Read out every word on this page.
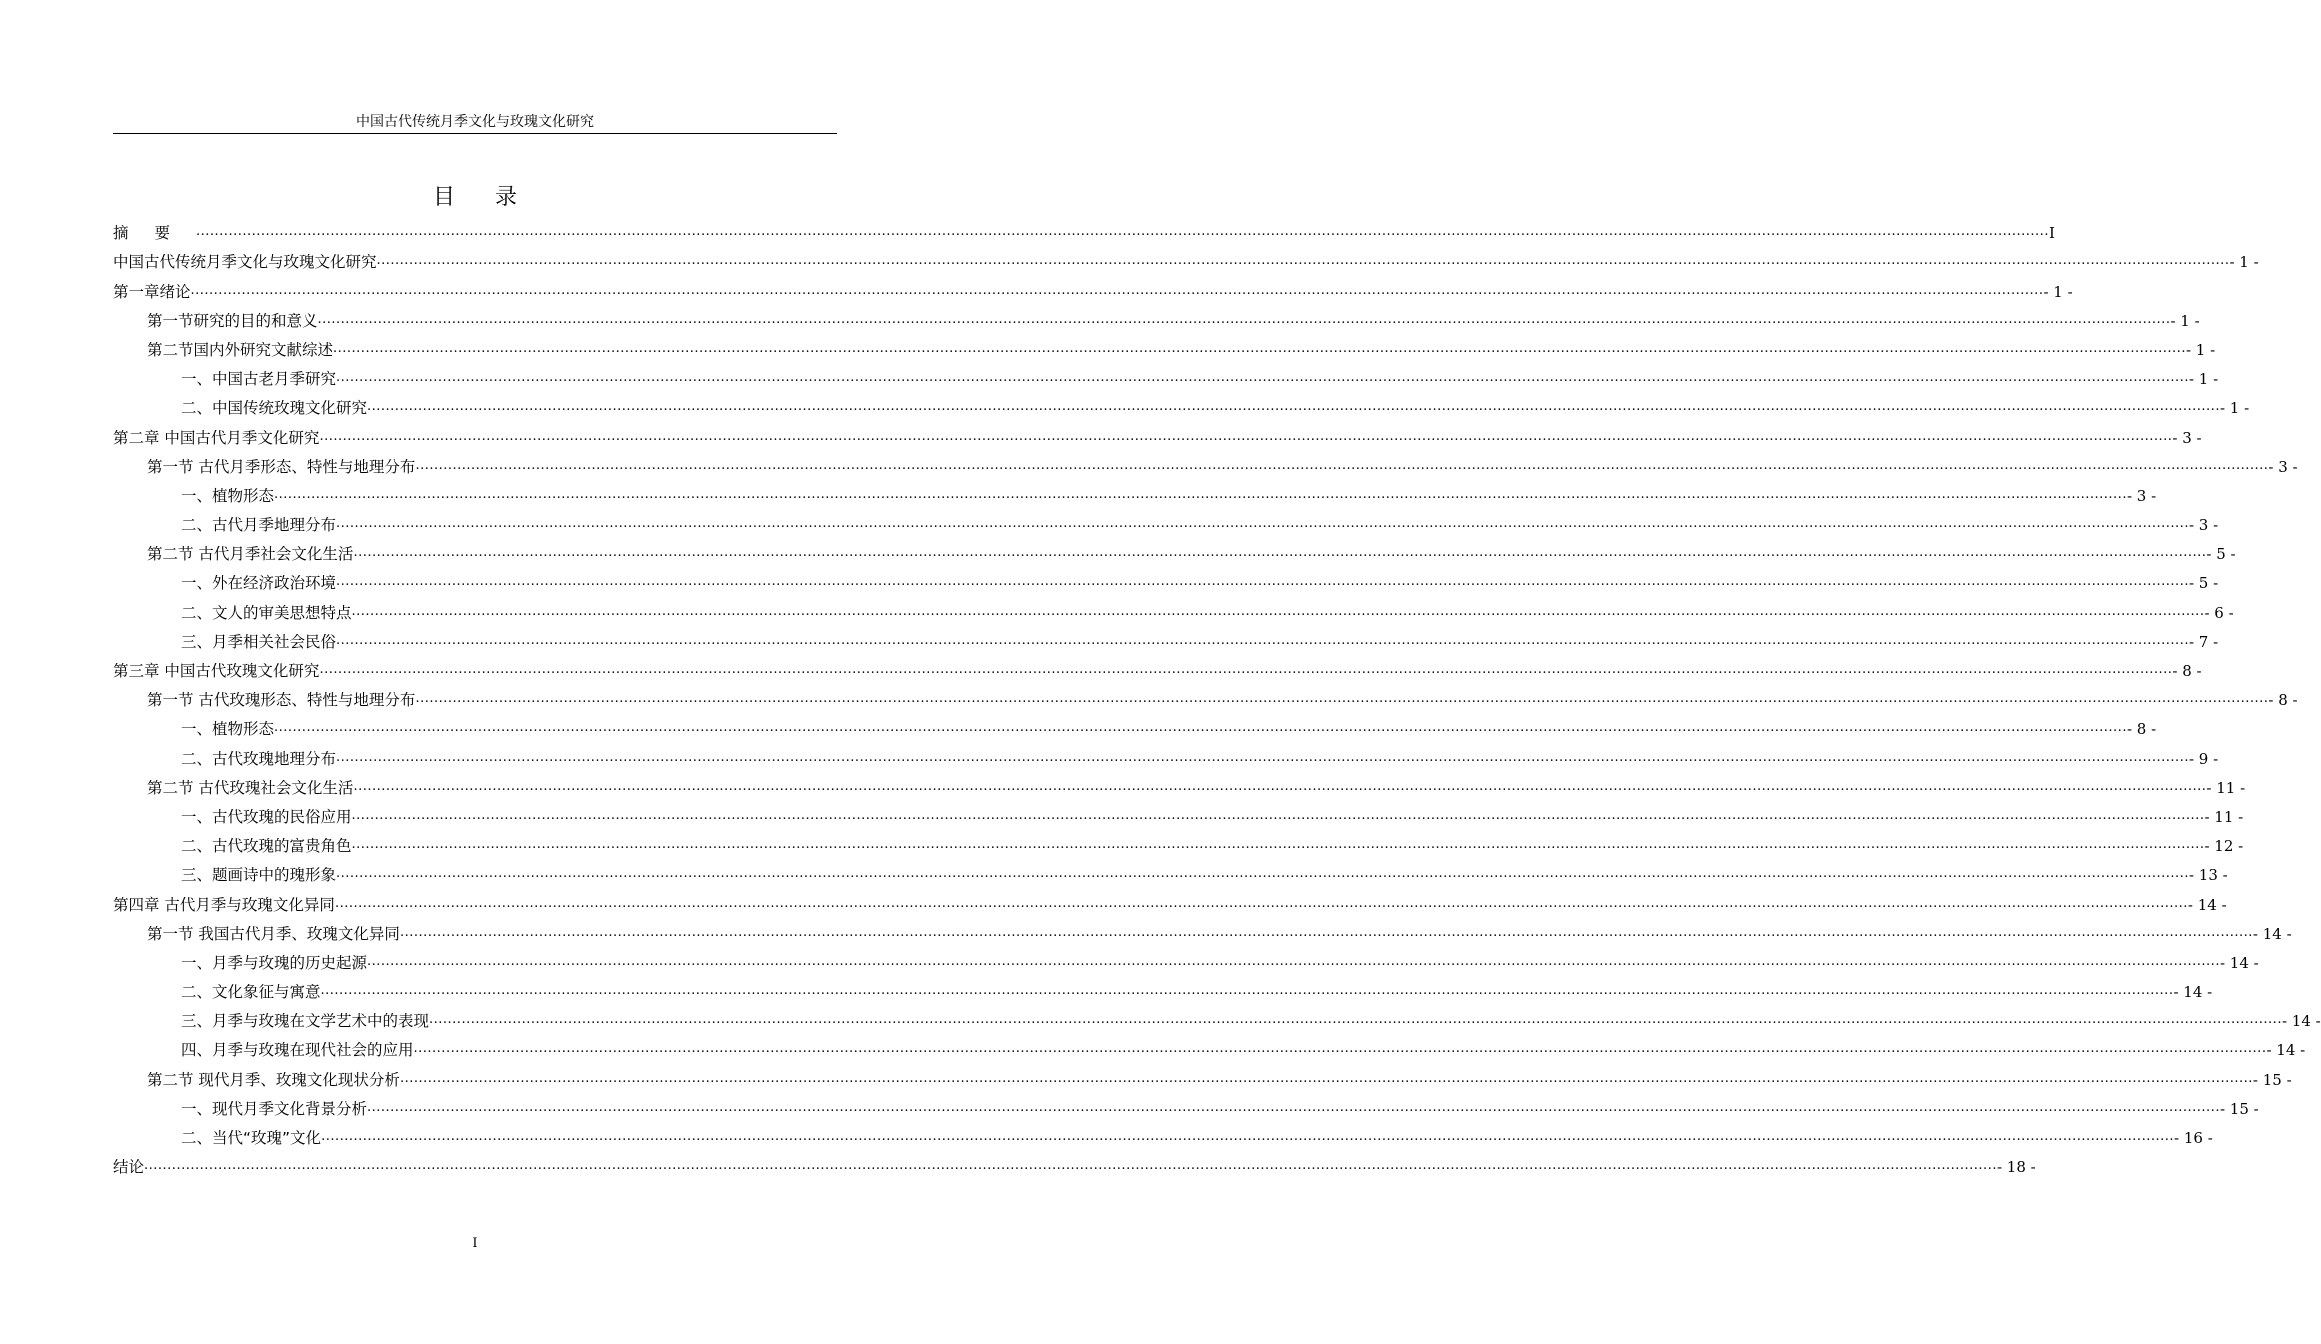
中国古代传统月季文化与玫瑰文化研究
目录
摘要 ................................................................................................................................................................................................................................................................................................................................................................................................................ I
中国古代传统月季文化与玫瑰文化研究 ................................................................................................................................................................................................................................................................................................................................................................................................................ - 1 -
第一章绪论 ................................................................................................................................................................................................................................................................................................................................................................................................................ - 1 -
第一节研究的目的和意义 ................................................................................................................................................................................................................................................................................................................................................................................................................ - 1 -
第二节国内外研究文献综述 ................................................................................................................................................................................................................................................................................................................................................................................................................ - 1 -
一、中国古老月季研究 ................................................................................................................................................................................................................................................................................................................................................................................................................ - 1 -
二、中国传统玫瑰文化研究 ................................................................................................................................................................................................................................................................................................................................................................................................................ - 1 -
第二章 中国古代月季文化研究 ................................................................................................................................................................................................................................................................................................................................................................................................................ - 3 -
第一节 古代月季形态、特性与地理分布 ................................................................................................................................................................................................................................................................................................................................................................................................................ - 3 -
一、植物形态 ................................................................................................................................................................................................................................................................................................................................................................................................................ - 3 -
二、古代月季地理分布 ................................................................................................................................................................................................................................................................................................................................................................................................................ - 3 -
第二节 古代月季社会文化生活 ................................................................................................................................................................................................................................................................................................................................................................................................................ - 5 -
一、外在经济政治环境 ................................................................................................................................................................................................................................................................................................................................................................................................................ - 5 -
二、文人的审美思想特点 ................................................................................................................................................................................................................................................................................................................................................................................................................ - 6 -
三、月季相关社会民俗 ................................................................................................................................................................................................................................................................................................................................................................................................................ - 7 -
第三章 中国古代玫瑰文化研究 ................................................................................................................................................................................................................................................................................................................................................................................................................ - 8 -
第一节 古代玫瑰形态、特性与地理分布 ................................................................................................................................................................................................................................................................................................................................................................................................................ - 8 -
一、植物形态 ................................................................................................................................................................................................................................................................................................................................................................................................................ - 8 -
二、古代玫瑰地理分布 ................................................................................................................................................................................................................................................................................................................................................................................................................ - 9 -
第二节 古代玫瑰社会文化生活 ................................................................................................................................................................................................................................................................................................................................................................................................................ - 11 -
一、古代玫瑰的民俗应用 ................................................................................................................................................................................................................................................................................................................................................................................................................ - 11 -
二、古代玫瑰的富贵角色 ................................................................................................................................................................................................................................................................................................................................................................................................................ - 12 -
三、题画诗中的瑰形象 ................................................................................................................................................................................................................................................................................................................................................................................................................ - 13 -
第四章 古代月季与玫瑰文化异同 ................................................................................................................................................................................................................................................................................................................................................................................................................ - 14 -
第一节 我国古代月季、玫瑰文化异同 ................................................................................................................................................................................................................................................................................................................................................................................................................ - 14 -
一、月季与玫瑰的历史起源 ................................................................................................................................................................................................................................................................................................................................................................................................................ - 14 -
二、文化象征与寓意 ................................................................................................................................................................................................................................................................................................................................................................................................................ - 14 -
三、月季与玫瑰在文学艺术中的表现 ................................................................................................................................................................................................................................................................................................................................................................................................................ - 14 -
四、月季与玫瑰在现代社会的应用 ................................................................................................................................................................................................................................................................................................................................................................................................................ - 14 -
第二节 现代月季、玫瑰文化现状分析 ................................................................................................................................................................................................................................................................................................................................................................................................................ - 15 -
一、现代月季文化背景分析 ................................................................................................................................................................................................................................................................................................................................................................................................................ - 15 -
二、当代“玫瑰”文化 ................................................................................................................................................................................................................................................................................................................................................................................................................ - 16 -
结论 ................................................................................................................................................................................................................................................................................................................................................................................................................ - 18 -
I
